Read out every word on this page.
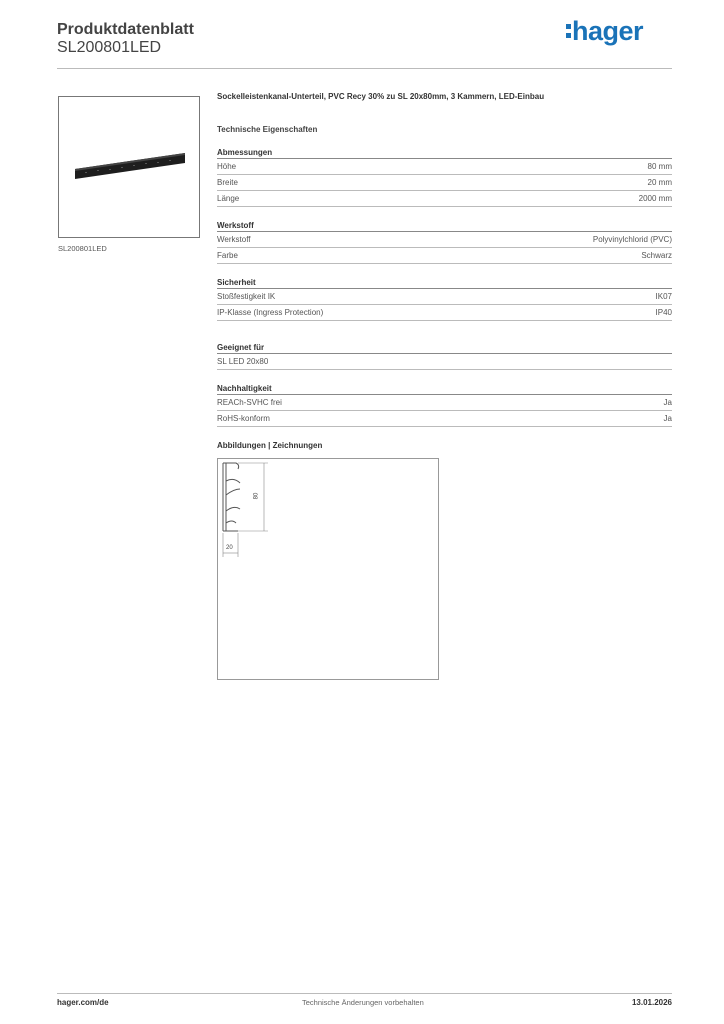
Produktdatenblatt
SL200801LED
hager
SL200801LED
Sockelleistenkanal-Unterteil, PVC Recy 30% zu SL 20x80mm, 3 Kammern, LED-Einbau
Technische Eigenschaften
Abmessungen
Höhe	80 mm
Breite	20 mm
Länge	2000 mm
Werkstoff
Werkstoff	Polyvinylchlorid (PVC)
Farbe	Schwarz
Sicherheit
Stoßfestigkeit IK	IK07
IP-Klasse (Ingress Protection)	IP40
Geeignet für
SL LED 20x80
Nachhaltigkeit
REACh-SVHC frei	Ja
RoHS-konform	Ja
Abbildungen | Zeichnungen
80
20
hager.com/de	Technische Änderungen vorbehalten	13.01.2026
